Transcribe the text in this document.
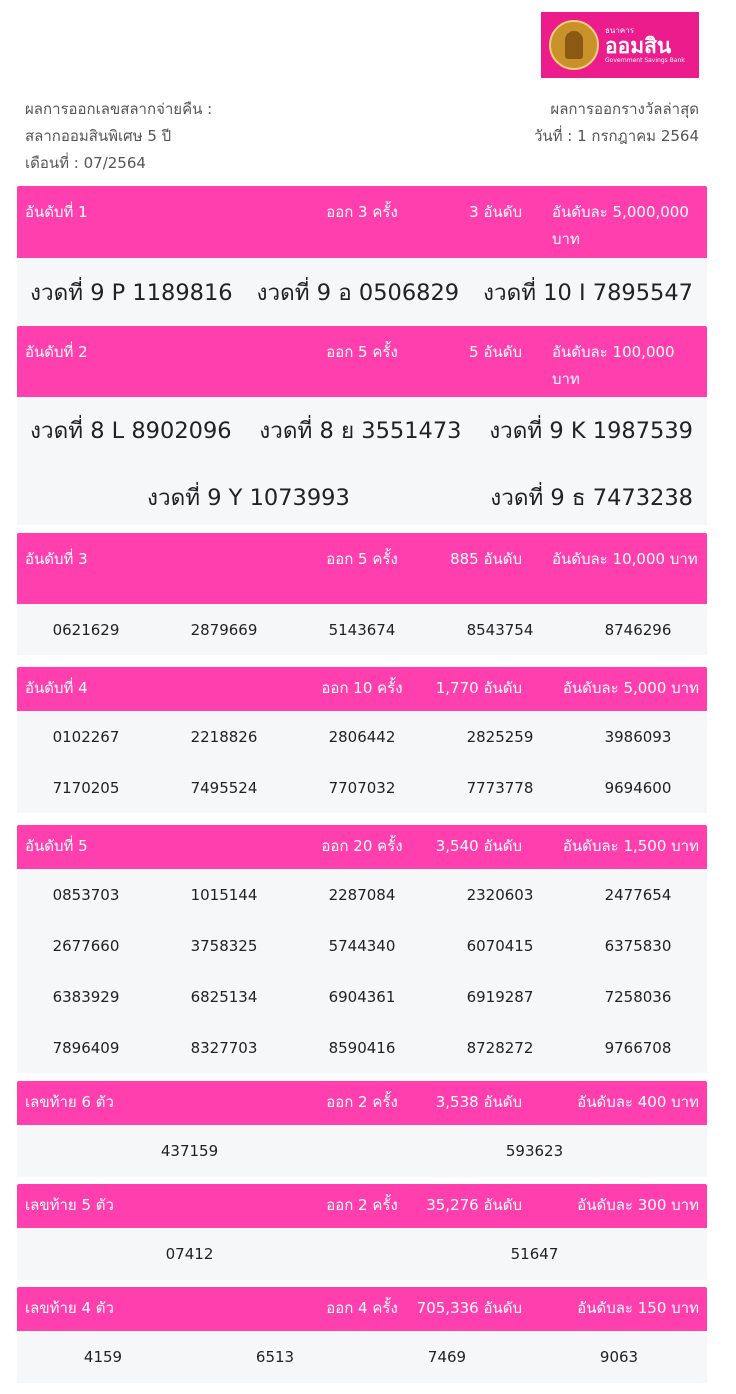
ธนาคาร
ออมสิน
Government Savings Bank
ผลการออกเลขสลากจ่ายคืน :
สลากออมสินพิเศษ 5 ปี
เดือนที่ : 07/2564
ผลการออกรางวัลล่าสุด
วันที่ : 1 กรกฎาคม 2564
อันดับที่ 1	ออก 3 ครั้ง	3 อันดับ อันดับละ 5,000,000 บาท
งวดที่ 9 P 1189816 งวดที่ 9 อ 0506829 งวดที่ 10 I 7895547
อันดับที่ 2	ออก 5 ครั้ง	5 อันดับ อันดับละ 100,000 บาท
งวดที่ 8 L 8902096 งวดที่ 8 ย 3551473 งวดที่ 9 K 1987539
งวดที่ 9 Y 1073993	งวดที่ 9 ธ 7473238
อันดับที่ 3	ออก 5 ครั้ง	885 อันดับ อันดับละ 10,000 บาท
0621629	2879669	5143674	8543754	8746296
อันดับที่ 4	ออก 10 ครั้ง	1,770 อันดับ	อันดับละ 5,000 บาท
0102267	2218826	2806442	2825259	3986093
7170205	7495524	7707032	7773778	9694600
อันดับที่ 5	ออก 20 ครั้ง	3,540 อันดับ	อันดับละ 1,500 บาท
0853703	1015144	2287084	2320603	2477654
2677660	3758325	5744340	6070415	6375830
6383929	6825134	6904361	6919287	7258036
7896409	8327703	8590416	8728272	9766708
เลขท้าย 6 ตัว	ออก 2 ครั้ง	3,538 อันดับ	อันดับละ 400 บาท
437159	593623
เลขท้าย 5 ตัว	ออก 2 ครั้ง	35,276 อันดับ	อันดับละ 300 บาท
07412	51647
เลขท้าย 4 ตัว	ออก 4 ครั้ง	705,336 อันดับ	อันดับละ 150 บาท
4159	6513	7469	9063
